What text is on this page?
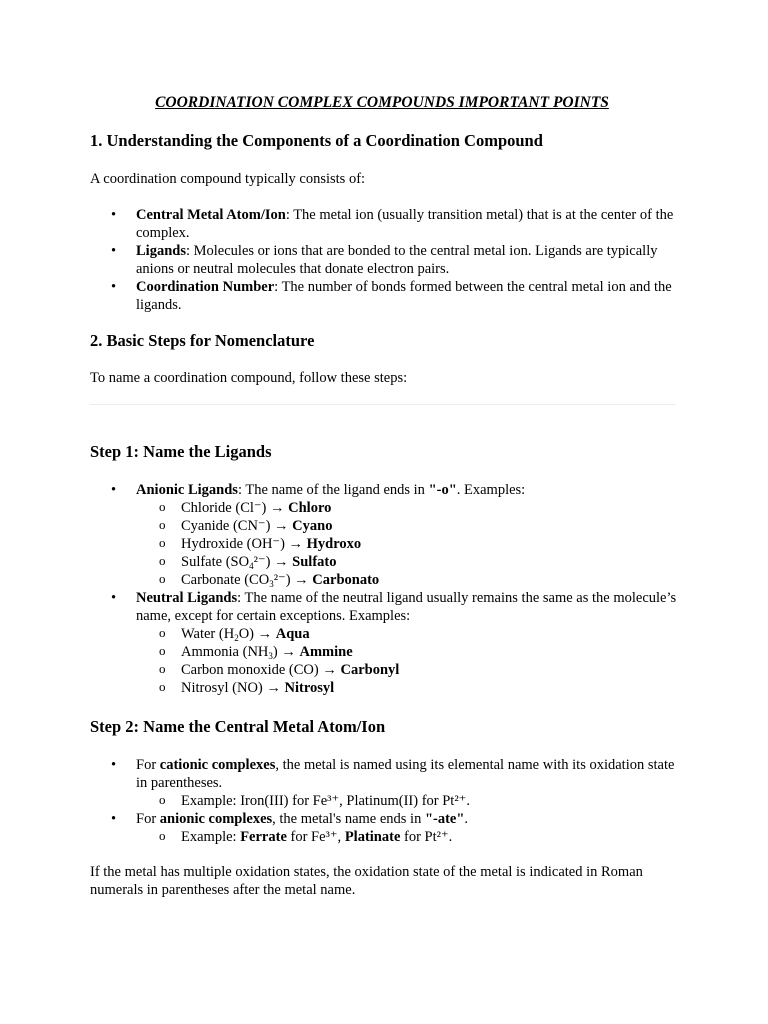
COORDINATION COMPLEX COMPOUNDS IMPORTANT POINTS
1. Understanding the Components of a Coordination Compound

A coordination compound typically consists of:

• Central Metal Atom/Ion: The metal ion (usually transition metal) that is at the center of the complex.
• Ligands: Molecules or ions that are bonded to the central metal ion. Ligands are typically anions or neutral molecules that donate electron pairs.
• Coordination Number: The number of bonds formed between the central metal ion and the ligands.
2. Basic Steps for Nomenclature

To name a coordination compound, follow these steps:

Step 1: Name the Ligands
• Anionic Ligands: The name of the ligand ends in "-o". Examples:
o Chloride (Cl⁻) → Chloro
o Cyanide (CN⁻) → Cyano
o Hydroxide (OH⁻) → Hydroxo
o Sulfate $(SO_4^{2-})$ → Sulfato
o Carbonate $(CO_3^{2-})$ → Carbonato
• Neutral Ligands: The name of the neutral ligand usually remains the same as the molecule’s name, except for certain exceptions. Examples:
o Water $(H_2O)$ → Aqua
o Ammonia $(NH_3) \to Ammine$
o Carbon monoxide (CO) → Carbonyl
o Nitrosyl (NO) → Nitrosyl
Step 2: Name the Central Metal Atom/Ion
• For cationic complexes, the metal is named using its elemental name with its oxidation state in parentheses.
o Example: Iron(III) for Fe³⁺, Platinum(II) for Pt²⁺.
• For anionic complexes, the metal's name ends in "-ate".
o Example: Ferrate for Fe³⁺, Platinate for Pt²⁺.

If the metal has multiple oxidation states, the oxidation state of the metal is indicated in Roman numerals in parentheses after the metal name.
